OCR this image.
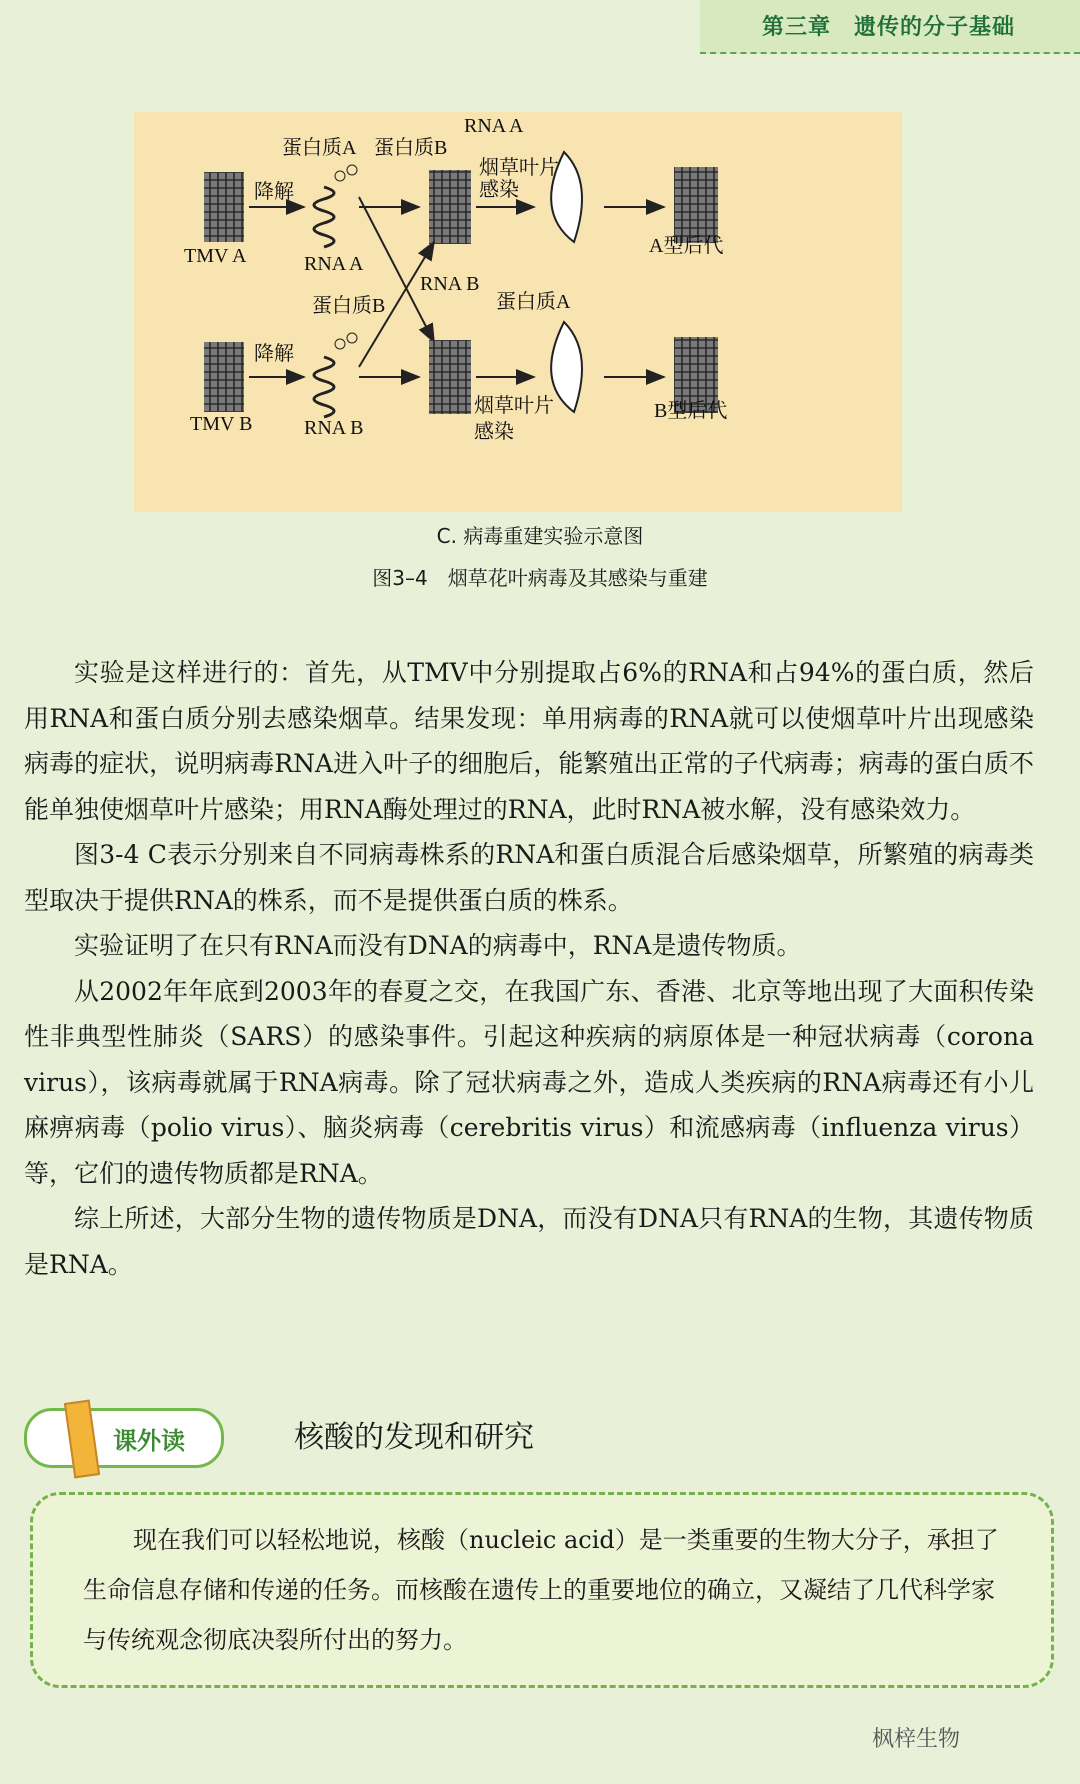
第三章　遗传的分子基础
蛋白质A 蛋白质B
RNA A
烟草叶片
感染
降解
TMV A	RNA A
A型后代
RNA B
蛋白质B	蛋白质A
降解
TMV B	RNA B
烟草叶片
感染
B型后代
C. 病毒重建实验示意图
图3–4　烟草花叶病毒及其感染与重建

实验是这样进行的：首先，从TMV中分别提取占6%的RNA和占94%的蛋白质，然后用RNA和蛋白质分别去感染烟草。结果发现：单用病毒的RNA就可以使烟草叶片出现感染病毒的症状，说明病毒RNA进入叶子的细胞后，能繁殖出正常的子代病毒；病毒的蛋白质不能单独使烟草叶片感染；用RNA酶处理过的RNA，此时RNA被水解，没有感染效力。

图3-4 C表示分别来自不同病毒株系的RNA和蛋白质混合后感染烟草，所繁殖的病毒类型取决于提供RNA的株系，而不是提供蛋白质的株系。

实验证明了在只有RNA而没有DNA的病毒中，RNA是遗传物质。

从2002年年底到2003年的春夏之交，在我国广东、香港、北京等地出现了大面积传染性非典型性肺炎（SARS）的感染事件。引起这种疾病的病原体是一种冠状病毒（corona virus），该病毒就属于RNA病毒。除了冠状病毒之外，造成人类疾病的RNA病毒还有小儿麻痹病毒（polio virus）、脑炎病毒（cerebritis virus）和流感病毒（influenza virus）等，它们的遗传物质都是RNA。

综上所述，大部分生物的遗传物质是DNA，而没有DNA只有RNA的生物，其遗传物质是RNA。

课外读	核酸的发现和研究

现在我们可以轻松地说，核酸（nucleic acid）是一类重要的生物大分子，承担了生命信息存储和传递的任务。而核酸在遗传上的重要地位的确立，又凝结了几代科学家与传统观念彻底决裂所付出的努力。

枫梓生物
